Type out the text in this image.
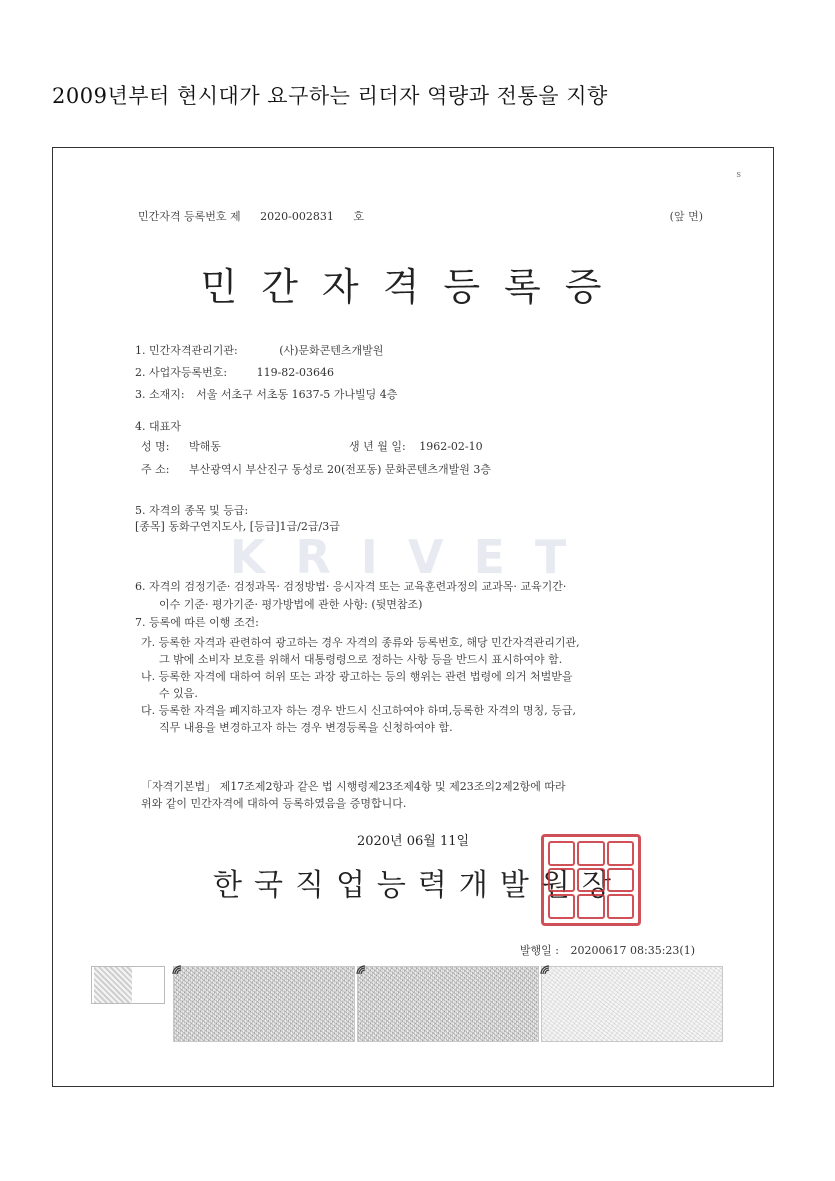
2009년부터 현시대가 요구하는 리더자 역량과 전통을 지향
s
민간자격 등록번호 제 2020-002831 호	(앞 면)
민간자격등록증
1. 민간자격관리기관:	(사)문화콘텐츠개발원
2. 사업자등록번호:	119-82-03646
3. 소재지: 서울 서초구 서초동 1637-5 가나빌딩 4층
4. 대표자
성 명: 박해동	생 년 월 일: 1962-02-10
주 소: 부산광역시 부산진구 동성로 20(전포동) 문화콘텐츠개발원 3층
5. 자격의 종목 및 등급:
[종목] 동화구연지도사, [등급]1급/2급/3급
KRIVET
6. 자격의 검정기준· 검정과목· 검정방법· 응시자격 또는 교육훈련과정의 교과목· 교육기간·
이수 기준· 평가기준· 평가방법에 관한 사항: (뒷면참조)
7. 등록에 따른 이행 조건:
가. 등록한 자격과 관련하여 광고하는 경우 자격의 종류와 등록번호, 해당 민간자격관리기관,
그 밖에 소비자 보호를 위해서 대통령령으로 정하는 사항 등을 반드시 표시하여야 함.
나. 등록한 자격에 대하여 허위 또는 과장 광고하는 등의 행위는 관련 법령에 의거 처벌받을
수 있음.
다. 등록한 자격을 폐지하고자 하는 경우 반드시 신고하여야 하며,등록한 자격의 명칭, 등급,
직무 내용을 변경하고자 하는 경우 변경등록을 신청하여야 함.
「자격기본법」 제17조제2항과 같은 법 시행령제23조제4항 및 제23조의2제2항에 따라
위와 같이 민간자격에 대하여 등록하였음을 증명합니다.
2020년 06월 11일
한국직업능력개발원장
발행일 : 20200617 08:35:23(1)
